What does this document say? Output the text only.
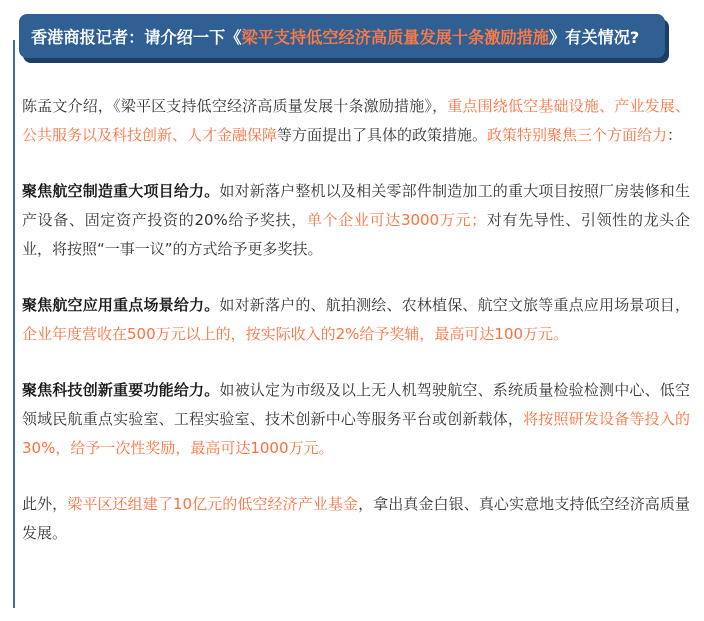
香港商报记者：请介绍一下《 梁平支持低空经济高质量发展十条激励措施 》有关情况?

陈孟文介绍，《梁平区支持低空经济高质量发展十条激励措施》，重点围绕低空基础设施、产业发展、公共服务以及科技创新、人才金融保障等方面提出了具体的政策措施。政策特别聚焦三个方面给力：

聚焦航空制造重大项目给力。如对新落户整机以及相关零部件制造加工的重大项目按照厂房装修和生产设备、固定资产投资的20%给予奖扶，单个企业可达3000万元；对有先导性、引领性的龙头企业，将按照“一事一议”的方式给予更多奖扶。

聚焦航空应用重点场景给力。如对新落户的、航拍测绘、农林植保、航空文旅等重点应用场景项目，企业年度营收在500万元以上的，按实际收入的2%给予奖辅，最高可达100万元。

聚焦科技创新重要功能给力。如被认定为市级及以上无人机驾驶航空、系统质量检验检测中心、低空领域民航重点实验室、工程实验室、技术创新中心等服务平台或创新载体，将按照研发设备等投入的30%，给予一次性奖励，最高可达1000万元。

此外，梁平区还组建了10亿元的低空经济产业基金，拿出真金白银、真心实意地支持低空经济高质量发展。
